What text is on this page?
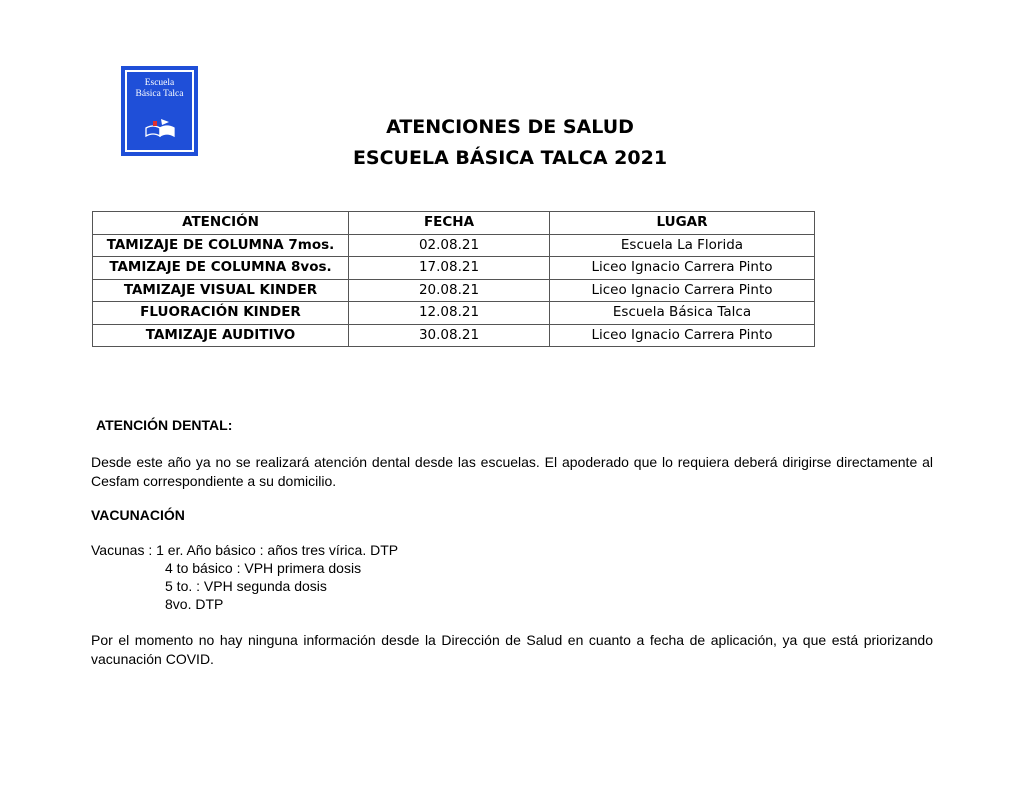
Escuela
Básica Talca
ATENCIONES DE SALUD
ESCUELA BÁSICA TALCA 2021
ATENCIÓN	FECHA	LUGAR
TAMIZAJE DE COLUMNA 7mos.	02.08.21	Escuela La Florida
TAMIZAJE DE COLUMNA 8vos.	17.08.21	Liceo Ignacio Carrera Pinto
TAMIZAJE VISUAL KINDER	20.08.21	Liceo Ignacio Carrera Pinto
FLUORACIÓN KINDER	12.08.21	Escuela Básica Talca
TAMIZAJE AUDITIVO	30.08.21	Liceo Ignacio Carrera Pinto
ATENCIÓN DENTAL:
Desde este año ya no se realizará atención dental desde las escuelas. El apoderado que lo requiera deberá dirigirse directamente al Cesfam correspondiente a su domicilio.
VACUNACIÓN
Vacunas : 1 er. Año básico : años tres vírica. DTP
4 to básico : VPH primera dosis
5 to. : VPH segunda dosis
8vo. DTP
Por el momento no hay ninguna información desde la Dirección de Salud en cuanto a fecha de aplicación, ya que está priorizando vacunación COVID.
